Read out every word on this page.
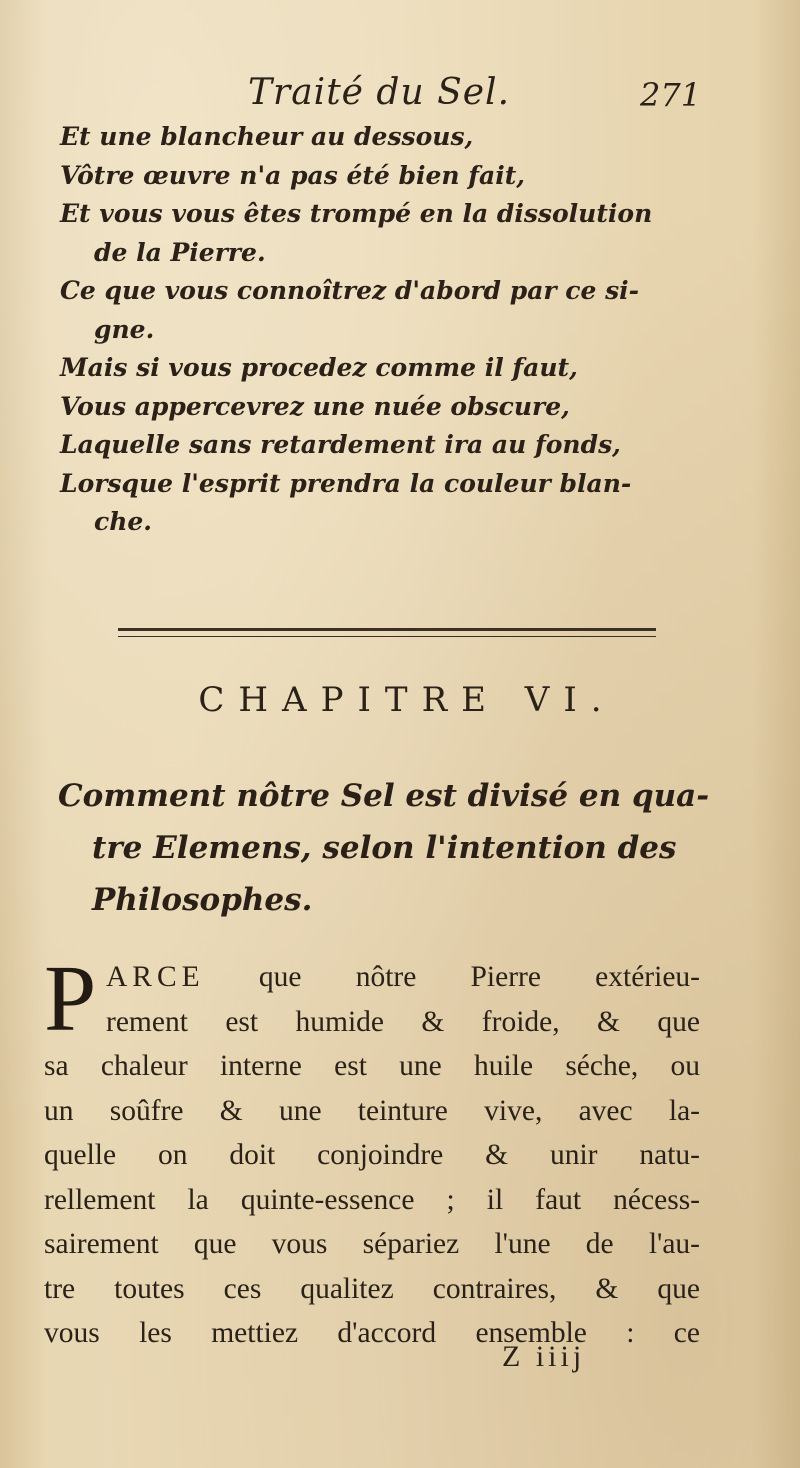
Traité du Sel.	271
Et une blancheur au dessous,
Vôtre œuvre n'a pas été bien fait,
Et vous vous êtes trompé en la dissolution
de la Pierre.
Ce que vous connoîtrez d'abord par ce si-
gne.
Mais si vous procedez comme il faut,
Vous appercevrez une nuée obscure,
Laquelle sans retardement ira au fonds,
Lorsque l'esprit prendra la couleur blan-
che.
CHAPITRE VI.
Comment nôtre Sel est divisé en qua-
tre Elemens, selon l'intention des
Philosophes.
P ARCE que nôtre Pierre extérieu-
rement est humide & froide, & que
sa chaleur interne est une huile séche, ou
un soûfre & une teinture vive, avec la-
quelle on doit conjoindre & unir natu-
rellement la quinte-essence ; il faut nécess-
sairement que vous sépariez l'une de l'au-
tre toutes ces qualitez contraires, & que
vous les mettiez d'accord ensemble : ce
Z iiij
